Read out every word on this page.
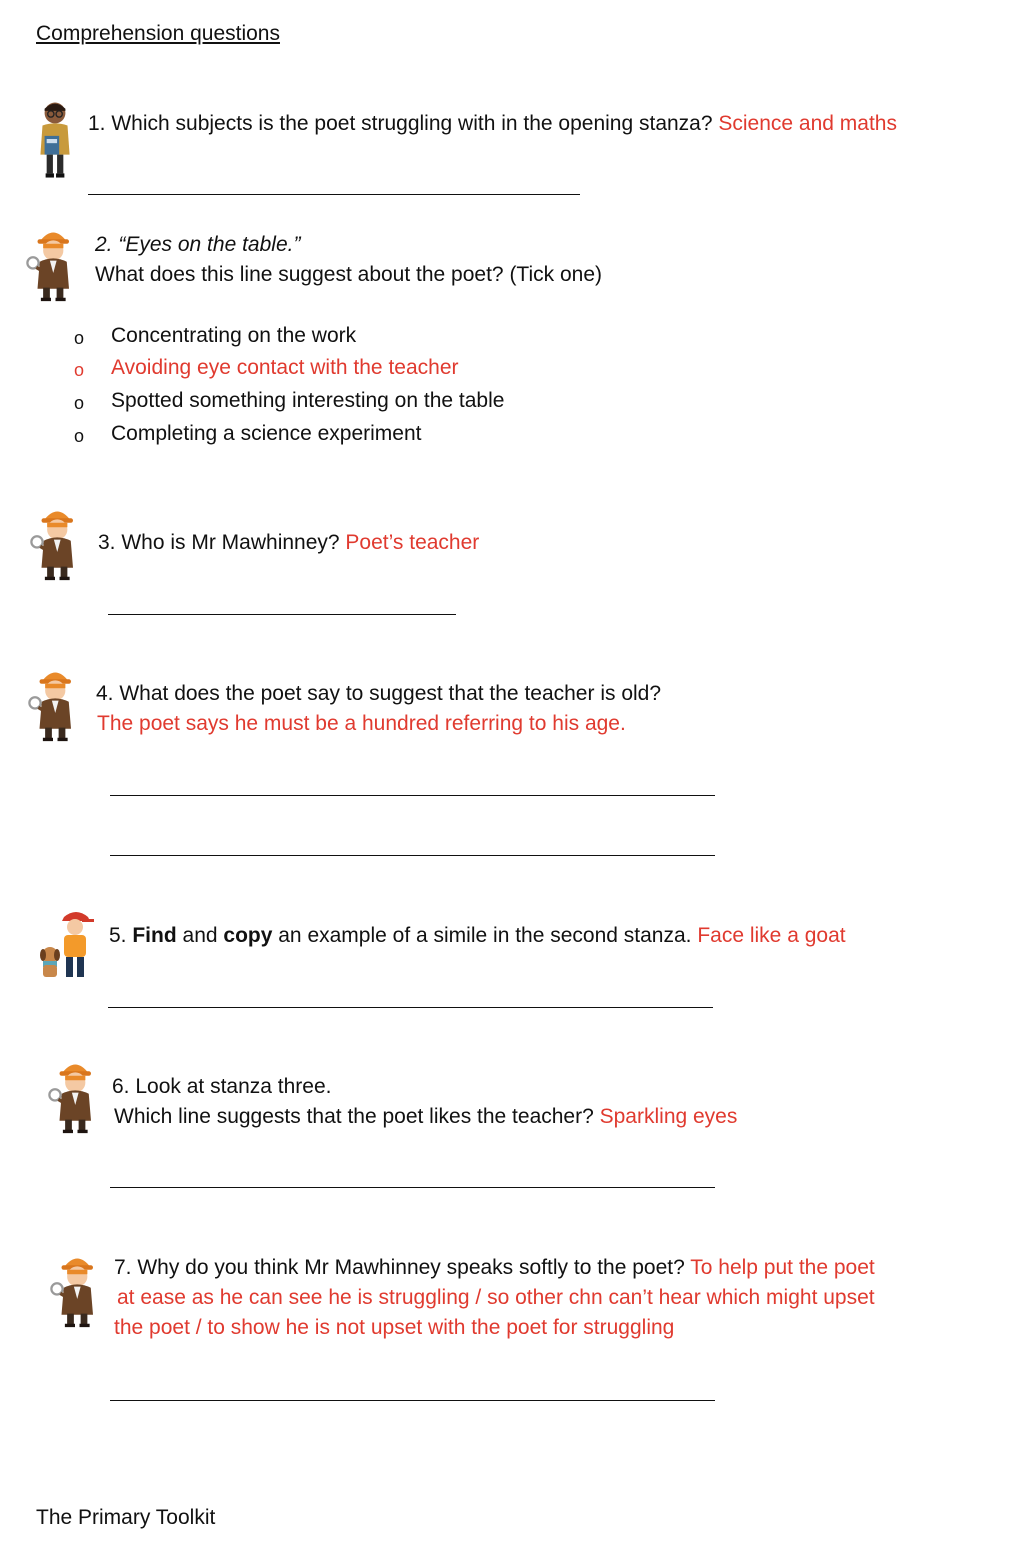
Comprehension questions
1. Which subjects is the poet struggling with in the opening stanza? Science and maths
2. “Eyes on the table.”
What does this line suggest about the poet? (Tick one)
o Concentrating on the work
o Avoiding eye contact with the teacher
o Spotted something interesting on the table
o Completing a science experiment
3. Who is Mr Mawhinney? Poet’s teacher
4. What does the poet say to suggest that the teacher is old?
The poet says he must be a hundred referring to his age.
5. Find and copy an example of a simile in the second stanza. Face like a goat
6. Look at stanza three.
Which line suggests that the poet likes the teacher? Sparkling eyes
7. Why do you think Mr Mawhinney speaks softly to the poet? To help put the poet
at ease as he can see he is struggling / so other chn can’t hear which might upset
the poet / to show he is not upset with the poet for struggling
The Primary Toolkit
